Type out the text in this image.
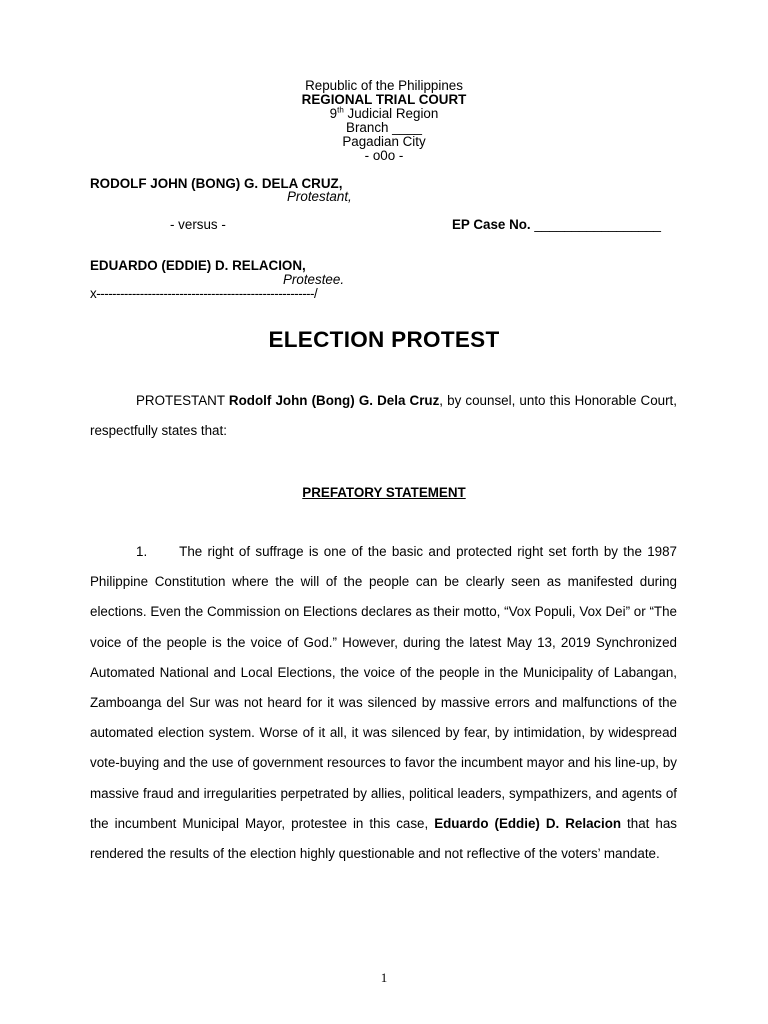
Republic of the Philippines
REGIONAL TRIAL COURT
9th Judicial Region
Branch ____
Pagadian City
- o0o -
RODOLF JOHN (BONG) G. DELA CRUZ,
Protestant,
- versus -	EP Case No. _________________
EDUARDO (EDDIE) D. RELACION,
Protestee.
x-------------------------------------------------------/
ELECTION PROTEST
PROTESTANT Rodolf John (Bong) G. Dela Cruz, by counsel, unto this Honorable Court, respectfully states that:
PREFATORY STATEMENT
1. The right of suffrage is one of the basic and protected right set forth by the 1987 Philippine Constitution where the will of the people can be clearly seen as manifested during elections. Even the Commission on Elections declares as their motto, “Vox Populi, Vox Dei” or “The voice of the people is the voice of God.” However, during the latest May 13, 2019 Synchronized Automated National and Local Elections, the voice of the people in the Municipality of Labangan, Zamboanga del Sur was not heard for it was silenced by massive errors and malfunctions of the automated election system. Worse of it all, it was silenced by fear, by intimidation, by widespread vote-buying and the use of government resources to favor the incumbent mayor and his line-up, by massive fraud and irregularities perpetrated by allies, political leaders, sympathizers, and agents of the incumbent Municipal Mayor, protestee in this case, Eduardo (Eddie) D. Relacion that has rendered the results of the election highly questionable and not reflective of the voters’ mandate.
1
